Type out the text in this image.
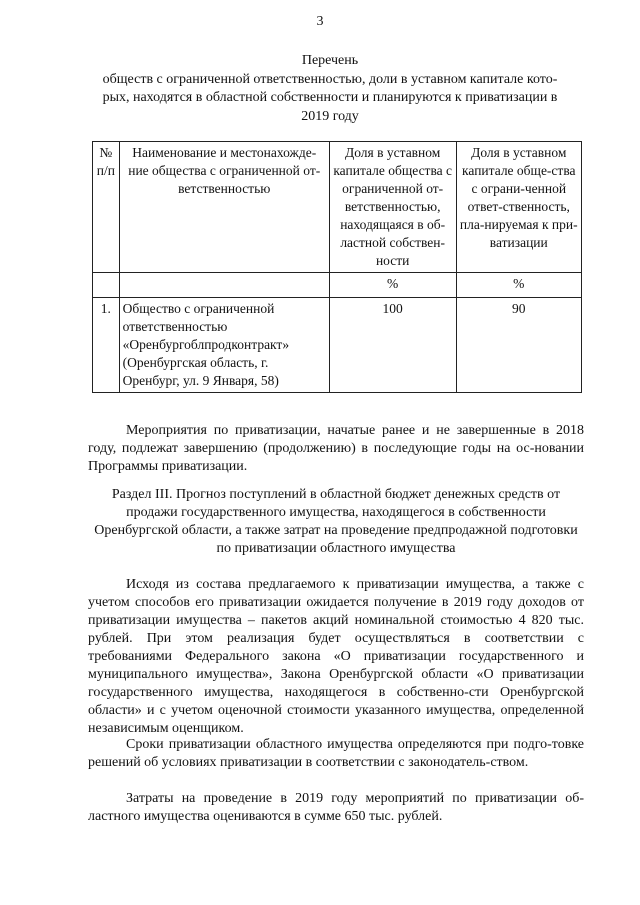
3
Перечень
обществ с ограниченной ответственностью, доли в уставном капитале кото-
рых, находятся в областной собственности и планируются к приватизации в
2019 году
№ п/п	Наименование и местонахожде-ние общества с ограниченной от-ветственностью	Доля в уставном капитале общества с ограниченной от-ветственностью, находящаяся в об-ластной собствен-ности	Доля в уставном капитале обще-ства с ограни-ченной ответ-ственность, пла-нируемая к при-ватизации
		%	%
1.	Общество с ограниченной ответственностью «Оренбургоблпродконтракт» (Оренбургская область, г. Оренбург, ул. 9 Января, 58)	100	90

Мероприятия по приватизации, начатые ранее и не завершенные в 2018 году, подлежат завершению (продолжению) в последующие годы на ос-новании Программы приватизации.

Раздел III. Прогноз поступлений в областной бюджет денежных средств от продажи государственного имущества, находящегося в собственности Оренбургской области, а также затрат на проведение предпродажной подготовки по приватизации областного имущества

Исходя из состава предлагаемого к приватизации имущества, а также с учетом способов его приватизации ожидается получение в 2019 году доходов от приватизации имущества – пакетов акций номинальной стоимостью 4 820 тыс. рублей. При этом реализация будет осуществляться в соответствии с требованиями Федерального закона «О приватизации государственного и муниципального имущества», Закона Оренбургской области «О приватизации государственного имущества, находящегося в собственно-сти Оренбургской области» и с учетом оценочной стоимости указанного имущества, определенной независимым оценщиком.

Сроки приватизации областного имущества определяются при подго-товке решений об условиях приватизации в соответствии с законодатель-ством.

Затраты на проведение в 2019 году мероприятий по приватизации об-ластного имущества оцениваются в сумме 650 тыс. рублей.
